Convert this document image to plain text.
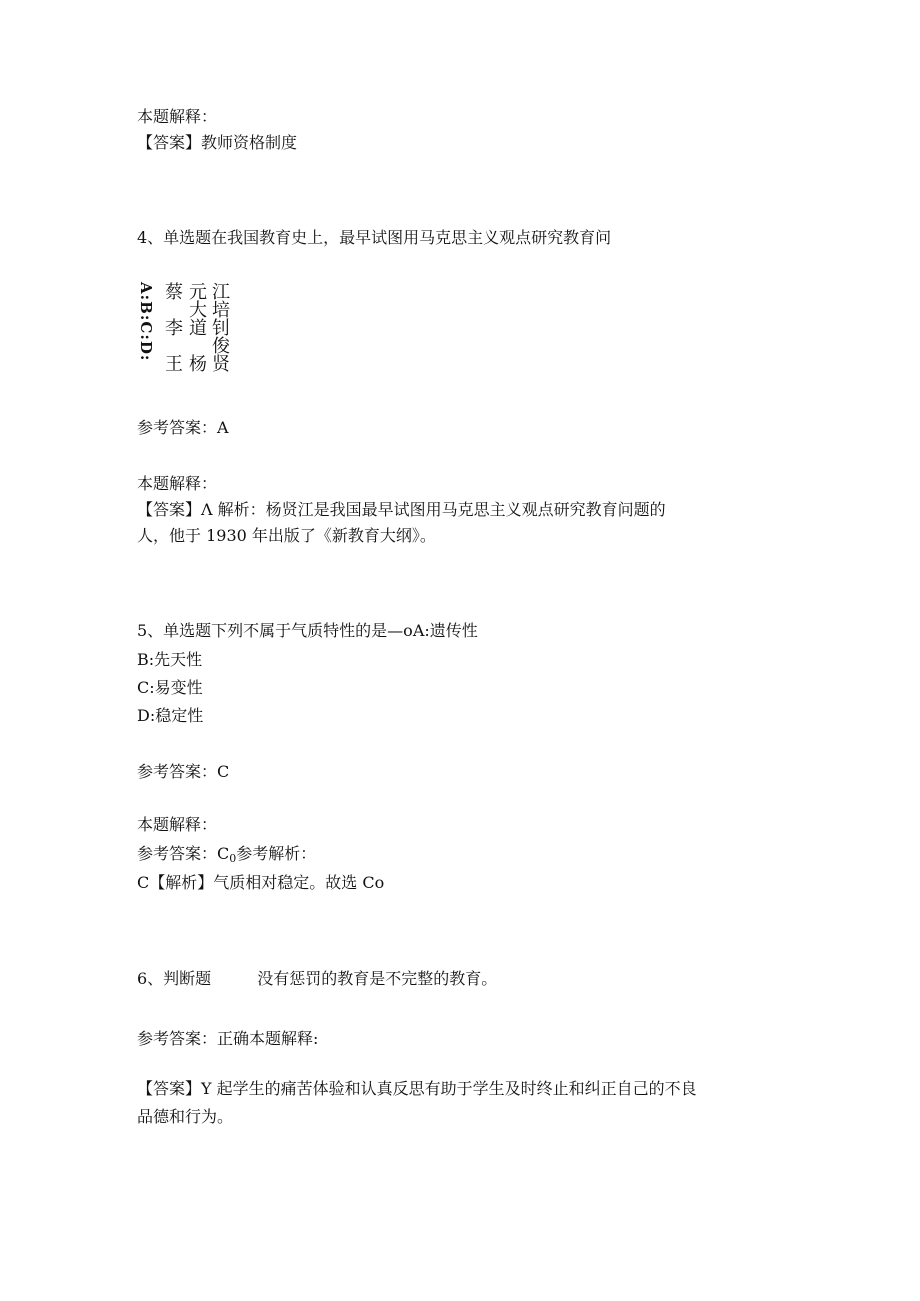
本题解释：
【答案】教师资格制度
4、单选题在我国教育史上，最早试图用马克思主义观点研究教育问
A:B:C:D: 蔡　李　王 元大道　杨 江培钊俊贤
参考答案：A
本题解释：
【答案】Λ 解析：杨贤江是我国最早试图用马克思主义观点研究教育问题的
人，他于 1930 年出版了《新教育大纲》。
5、单选题下列不属于气质特性的是—oA:遗传性
B:先天性
C:易变性
D:稳定性
参考答案：C
本题解释：
参考答案：$C_0$参考解析：
C【解析】气质相对稳定。故选 Co
6、判断题	没有惩罚的教育是不完整的教育。
参考答案：正确本题解释:
【答案】Y 起学生的痛苦体验和认真反思有助于学生及时终止和纠正自己的不良
品德和行为。
